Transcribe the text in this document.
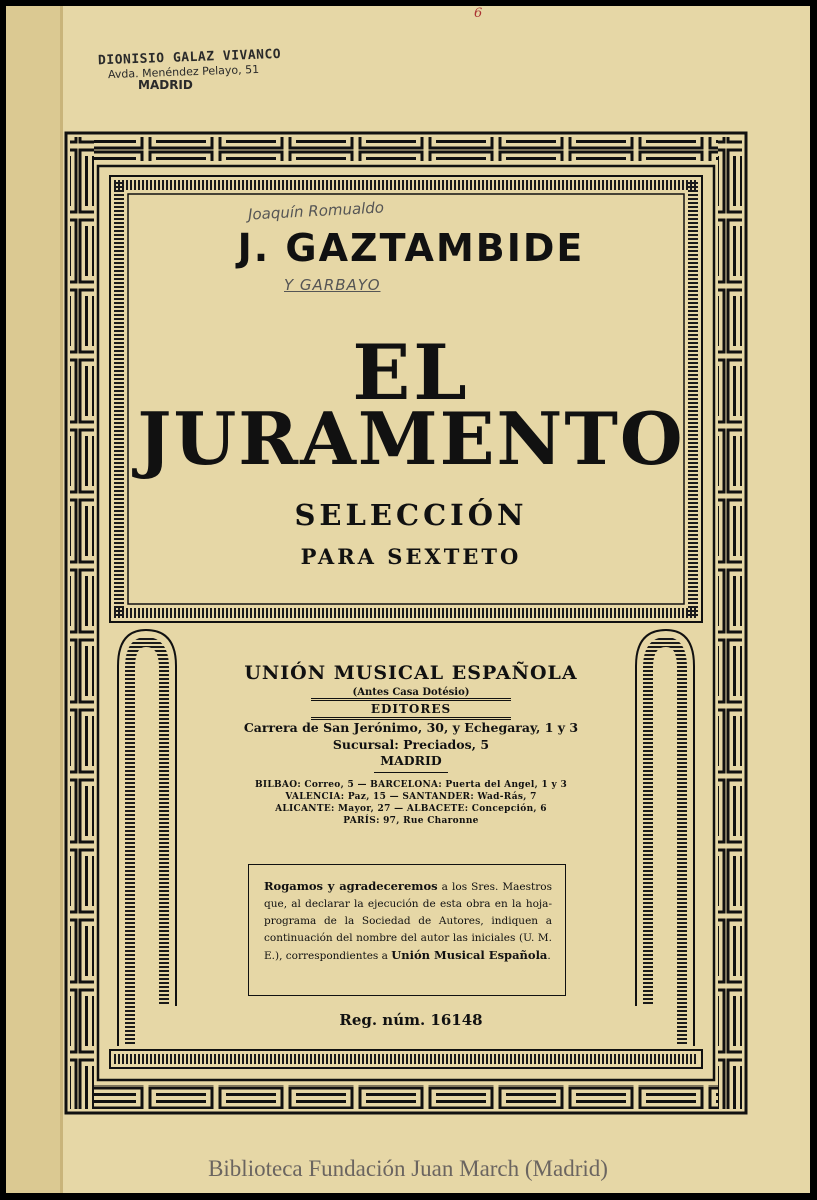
6
DIONISIO GALAZ VIVANCO
Avda. Menéndez Pelayo, 51
MADRID
Joaquín Romualdo
Y GARBAYO
J. GAZTAMBIDE
EL
JURAMENTO
SELECCIÓN
PARA SEXTETO
UNIÓN MUSICAL ESPAÑOLA
(Antes Casa Dotésio)
EDITORES
Carrera de San Jerónimo, 30, y Echegaray, 1 y 3
Sucursal: Preciados, 5
MADRID
BILBAO: Correo, 5 — BARCELONA: Puerta del Angel, 1 y 3
VALENCIA: Paz, 15 — SANTANDER: Wad-Rás, 7
ALICANTE: Mayor, 27 — ALBACETE: Concepción, 6
PARÍS: 97, Rue Charonne
Rogamos y agradeceremos a los Sres. Maestros que, al declarar la ejecución de esta obra en la hoja-programa de la Sociedad de Autores, indiquen a continuación del nombre del autor las iniciales (U. M. E.), correspondientes a Unión Musical Española.
Reg. núm. 16148
Biblioteca Fundación Juan March (Madrid)
